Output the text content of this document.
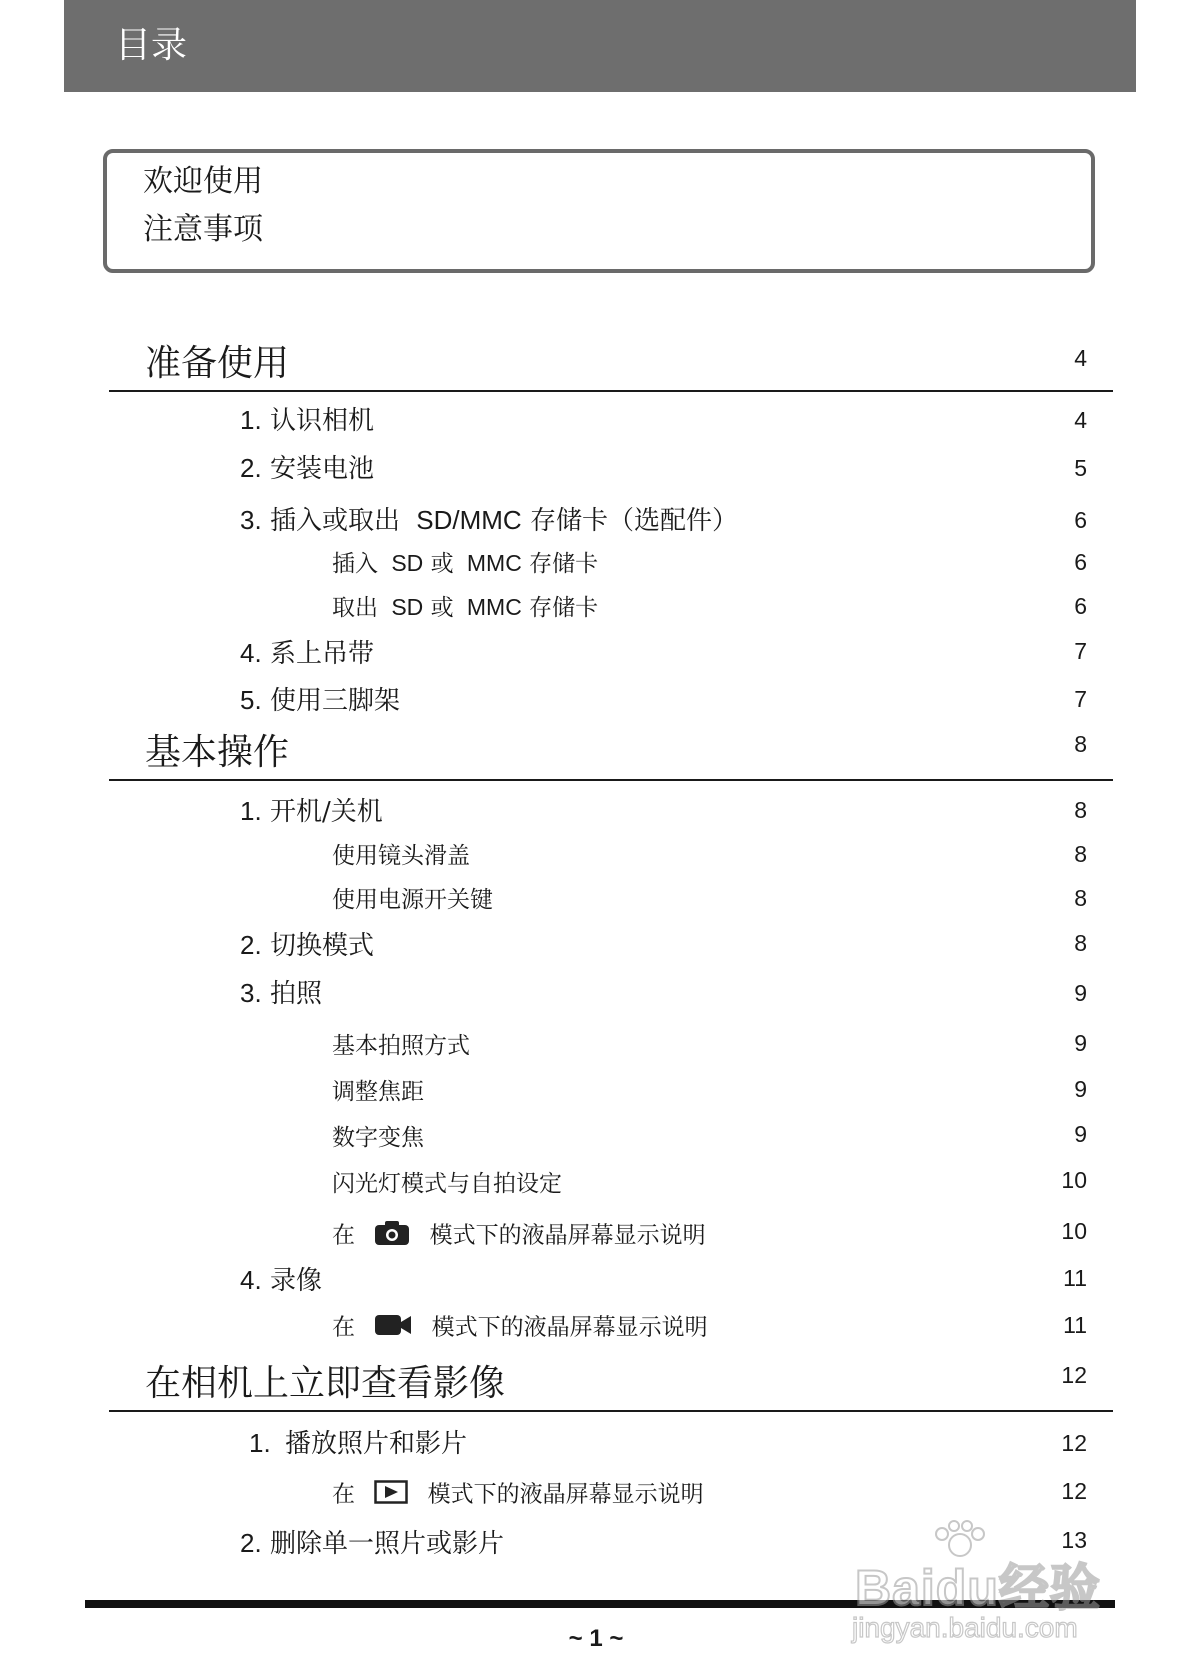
目录
欢迎使用
注意事项
准备使用	4
1. 认识相机	4
2. 安装电池	5
3. 插入或取出 SD/MMC 存储卡（选配件）	6
插入 SD 或 MMC 存储卡	6
取出 SD 或 MMC 存储卡	6
4. 系上吊带	7
5. 使用三脚架	7
基本操作	8
1. 开机/关机	8
使用镜头滑盖	8
使用电源开关键	8
2. 切换模式	8
3. 拍照	9
基本拍照方式	9
调整焦距	9
数字变焦	9
闪光灯模式与自拍设定	10
在	模式下的液晶屏幕显示说明	10
4. 录像	11
在	模式下的液晶屏幕显示说明	11
在相机上立即查看影像	12
1. 播放照片和影片	12
在	模式下的液晶屏幕显示说明	12
2. 删除单一照片或影片	13
~ 1 ~
Baidu经验
jingyan.baidu.com
